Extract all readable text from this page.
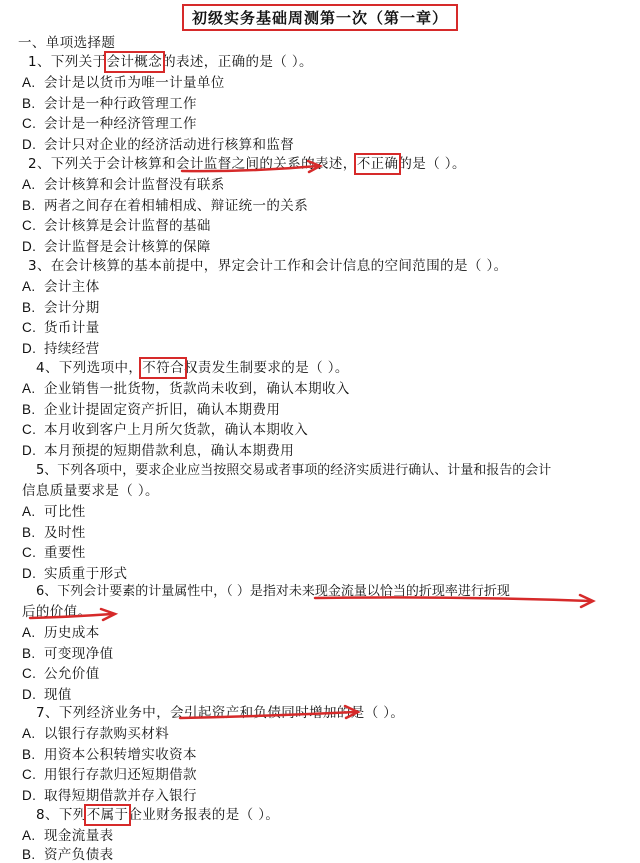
初级实务基础周测第一次（第一章）
一、单项选择题
1、下列关于会计概念的表述，正确的是（ ）。
A. 会计是以货币为唯一计量单位
B. 会计是一种行政管理工作
C. 会计是一种经济管理工作
D. 会计只对企业的经济活动进行核算和监督
2、下列关于会计核算和会计监督之间的关系的表述，不正确的是（ ）。
A. 会计核算和会计监督没有联系
B. 两者之间存在着相辅相成、辩证统一的关系
C. 会计核算是会计监督的基础
D. 会计监督是会计核算的保障
3、在会计核算的基本前提中，界定会计工作和会计信息的空间范围的是（ ）。
A. 会计主体
B. 会计分期
C. 货币计量
D. 持续经营
4、下列选项中，不符合权责发生制要求的是（ ）。
A. 企业销售一批货物，货款尚未收到，确认本期收入
B. 企业计提固定资产折旧，确认本期费用
C. 本月收到客户上月所欠货款，确认本期收入
D. 本月预提的短期借款利息，确认本期费用
5、下列各项中，要求企业应当按照交易或者事项的经济实质进行确认、计量和报告的会计
信息质量要求是（ ）。
A. 可比性
B. 及时性
C. 重要性
D. 实质重于形式
6、下列会计要素的计量属性中，（ ）是指对未来现金流量以恰当的折现率进行折现
后的价值。
A. 历史成本
B. 可变现净值
C. 公允价值
D. 现值
7、下列经济业务中，会引起资产和负债同时增加的是（ ）。
A. 以银行存款购买材料
B. 用资本公积转增实收资本
C. 用银行存款归还短期借款
D. 取得短期借款并存入银行
8、下列不属于企业财务报表的是（ ）。
A. 现金流量表
B. 资产负债表
